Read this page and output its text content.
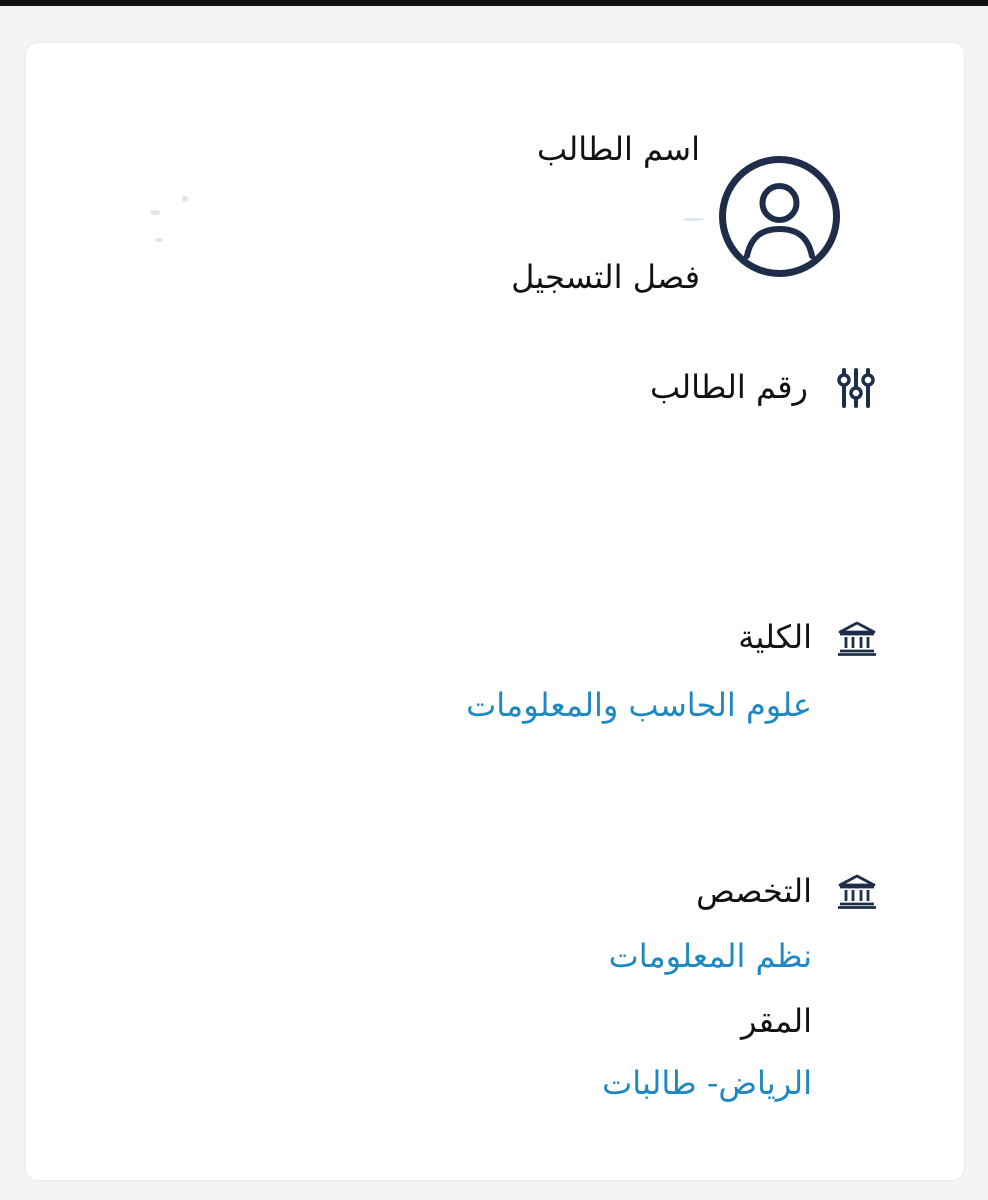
اسم الطالب
فصل التسجيل
رقم الطالب
الكلية
علوم الحاسب والمعلومات
التخصص
نظم المعلومات
المقر
الرياض- طالبات
